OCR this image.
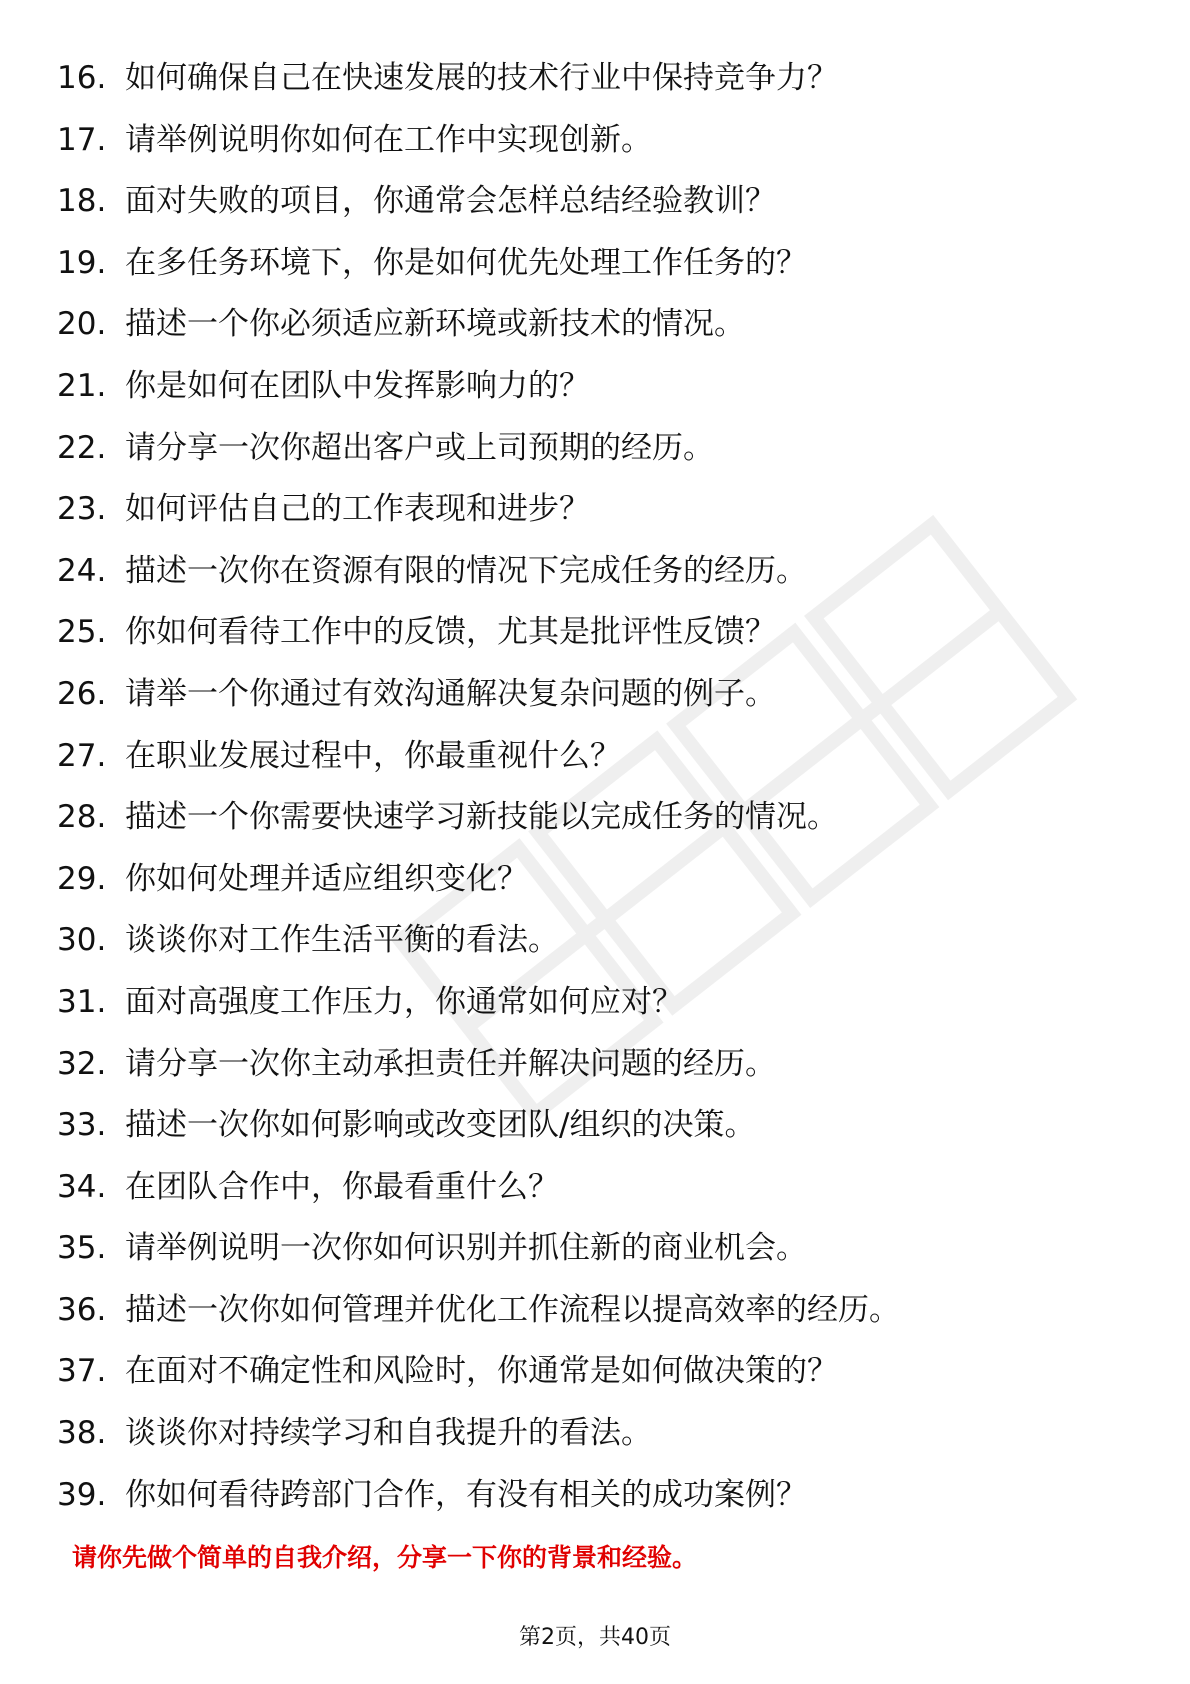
16. 如何确保自己在快速发展的技术行业中保持竞争力？
17. 请举例说明你如何在工作中实现创新。
18. 面对失败的项目，你通常会怎样总结经验教训？
19. 在多任务环境下，你是如何优先处理工作任务的？
20. 描述一个你必须适应新环境或新技术的情况。
21. 你是如何在团队中发挥影响力的？
22. 请分享一次你超出客户或上司预期的经历。
23. 如何评估自己的工作表现和进步？
24. 描述一次你在资源有限的情况下完成任务的经历。
25. 你如何看待工作中的反馈，尤其是批评性反馈？
26. 请举一个你通过有效沟通解决复杂问题的例子。
27. 在职业发展过程中，你最重视什么？
28. 描述一个你需要快速学习新技能以完成任务的情况。
29. 你如何处理并适应组织变化？
30. 谈谈你对工作生活平衡的看法。
31. 面对高强度工作压力，你通常如何应对？
32. 请分享一次你主动承担责任并解决问题的经历。
33. 描述一次你如何影响或改变团队/组织的决策。
34. 在团队合作中，你最看重什么？
35. 请举例说明一次你如何识别并抓住新的商业机会。
36. 描述一次你如何管理并优化工作流程以提高效率的经历。
37. 在面对不确定性和风险时，你通常是如何做决策的？
38. 谈谈你对持续学习和自我提升的看法。
39. 你如何看待跨部门合作，有没有相关的成功案例？
请你先做个简单的自我介绍，分享一下你的背景和经验。
第2页，共40页
